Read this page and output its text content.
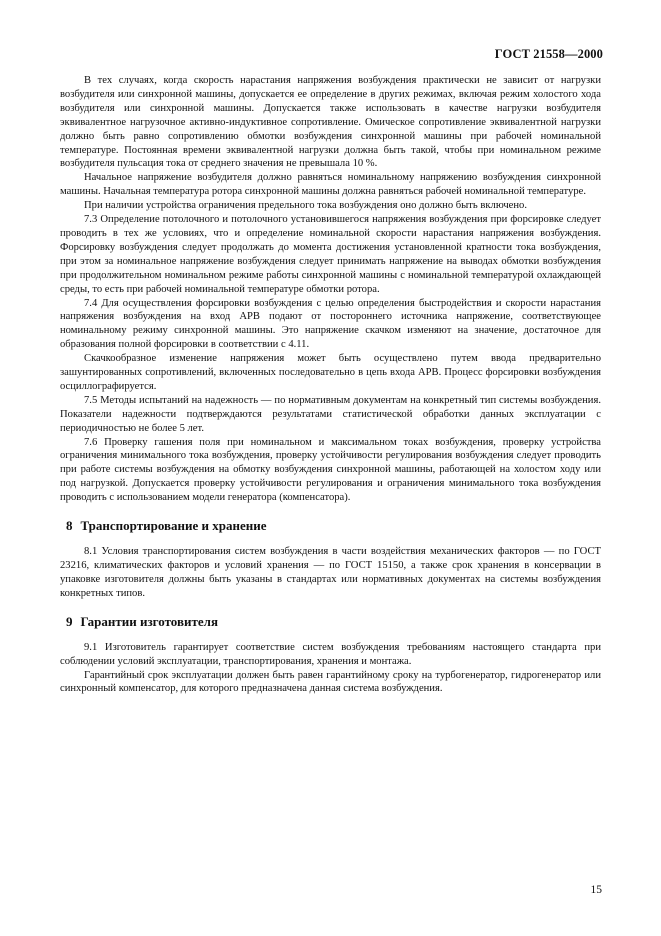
ГОСТ 21558—2000

В тех случаях, когда скорость нарастания напряжения возбуждения практически не зависит от нагрузки возбудителя или синхронной машины, допускается ее определение в других режимах, включая режим холостого хода возбудителя или синхронной машины. Допускается также использовать в качестве нагрузки возбудителя эквивалентное нагрузочное активно-индуктивное сопротивление. Омическое сопротивление эквивалентной нагрузки должно быть равно сопротивлению обмотки возбуждения синхронной машины при рабочей номинальной температуре. Постоянная времени эквивалентной нагрузки должна быть такой, чтобы при номинальном режиме возбудителя пульсация тока от среднего значения не превышала 10 %.

Начальное напряжение возбудителя должно равняться номинальному напряжению возбуждения синхронной машины. Начальная температура ротора синхронной машины должна равняться рабочей номинальной температуре.

При наличии устройства ограничения предельного тока возбуждения оно должно быть включено.

7.3 Определение потолочного и потолочного установившегося напряжения возбуждения при форсировке следует проводить в тех же условиях, что и определение номинальной скорости нарастания напряжения возбуждения. Форсировку возбуждения следует продолжать до момента достижения установленной кратности тока возбуждения, при этом за номинальное напряжение возбуждения следует принимать напряжение на выводах обмотки возбуждения при продолжительном номинальном режиме работы синхронной машины с номинальной температурой охлаждающей среды, то есть при рабочей номинальной температуре обмотки ротора.

7.4 Для осуществления форсировки возбуждения с целью определения быстродействия и скорости нарастания напряжения возбуждения на вход АРВ подают от постороннего источника напряжение, соответствующее номинальному режиму синхронной машины. Это напряжение скачком изменяют на значение, достаточное для образования полной форсировки в соответствии с 4.11.

Скачкообразное изменение напряжения может быть осуществлено путем ввода предварительно зашунтированных сопротивлений, включенных последовательно в цепь входа АРВ. Процесс форсировки возбуждения осциллографируется.

7.5 Методы испытаний на надежность — по нормативным документам на конкретный тип системы возбуждения. Показатели надежности подтверждаются результатами статистической обработки данных эксплуатации с периодичностью не более 5 лет.

7.6 Проверку гашения поля при номинальном и максимальном токах возбуждения, проверку устройства ограничения минимального тока возбуждения, проверку устойчивости регулирования возбуждения следует проводить при работе системы возбуждения на обмотку возбуждения синхронной машины, работающей на холостом ходу или под нагрузкой. Допускается проверку устойчивости регулирования и ограничения минимального тока возбуждения проводить с использованием модели генератора (компенсатора).

8 Транспортирование и хранение

8.1 Условия транспортирования систем возбуждения в части воздействия механических факторов — по ГОСТ 23216, климатических факторов и условий хранения — по ГОСТ 15150, а также срок хранения в консервации в упаковке изготовителя должны быть указаны в стандартах или нормативных документах на системы возбуждения конкретных типов.

9 Гарантии изготовителя

9.1 Изготовитель гарантирует соответствие систем возбуждения требованиям настоящего стандарта при соблюдении условий эксплуатации, транспортирования, хранения и монтажа.

Гарантийный срок эксплуатации должен быть равен гарантийному сроку на турбогенератор, гидрогенератор или синхронный компенсатор, для которого предназначена данная система возбуждения.

15
